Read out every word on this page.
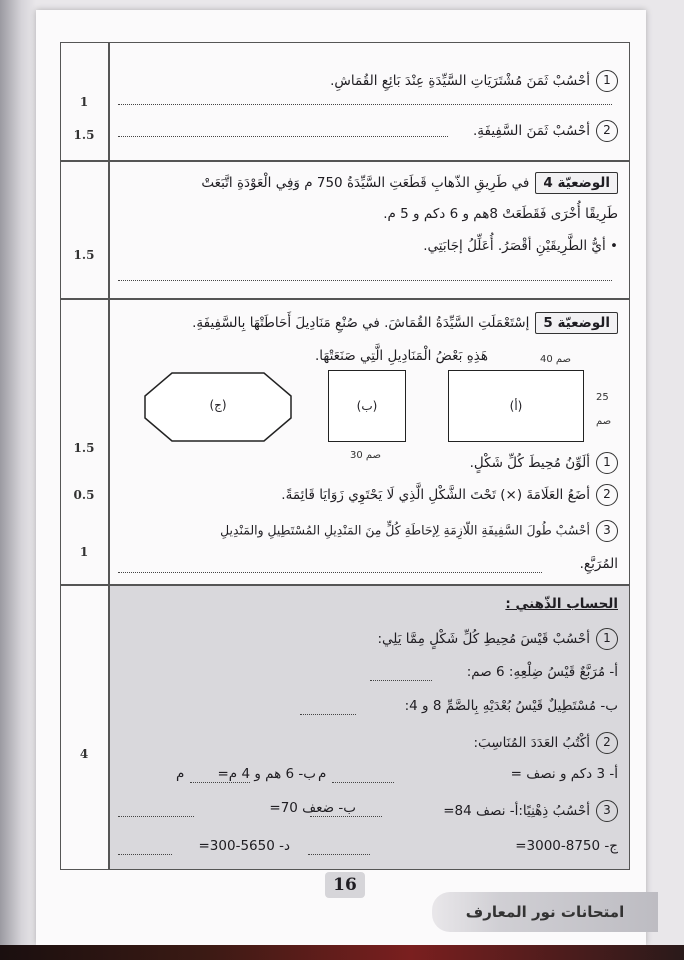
1
1.5
1.5
1.5
0.5
1
4
1أحْسُبْ ثَمَنَ مُشْتَرَيَاتِ السَّيِّدَةِ عِنْدَ بَائِعِ القُمَاشِ.
2أحْسُبْ ثَمَنَ السَّفِيفَةِ.
الوضعيّة 4في طَرِيقِ الذّهابِ قَطَعَتِ السَّيِّدَةُ 750 م وَفِي الْعَوْدَةِ اتَّبَعَتْ
طَرِيقًا أُخْرَى فَقَطَعَتْ 8هم و 6 دكم و 5 م.
• أيُّ الطَّرِيقَيْنِ أقْصَرُ. أُعَلِّلُ إجَابَتِي.
الوضعيّة 5إسْتَعْمَلَتِ السَّيِّدَةُ القُمَاشَ. في صُنْعِ مَنَادِيلَ أَحَاطَتْهَا بِالسَّفِيفَةِ.
هَذِهِ بَعْضُ الْمَنَادِيلِ الَّتِي صَنَعَتْهَا.	40 صم
25
صم
(أ)
(ب)
30 صم
(ج)
1ألَوِّنُ مُحِيطَ كُلِّ شَكْلٍ.
2أضَعُ العَلَامَةَ (×) تَحْتَ الشَّكْلِ الَّذِي لَا يَحْتَوِي زَوَايَا قَائِمَةً.
3أحْسُبْ طُولَ السَّفِيفَةِ اللّازِمَةِ لِإحَاطَةِ كُلٍّ مِنَ المَنْدِيلِ المُسْتَطِيلِ والمَنْدِيلِ
المُرَبَّعِ.
الحساب الذّهني :
1أحْسُبْ قَيْسَ مُحِيطِ كُلِّ شَكْلٍ مِمَّا يَلِي:
أ- مُرَبَّعٌ قَيْسُ ضِلْعِهِ: 6 صم:
ب- مُسْتَطِيلٌ قَيْسُ بُعْدَيْهِ بِالصَّمِّ 8 و 4:
2أكْتُبُ العَدَدَ المُنَاسِبَ:
أ- 3 دكم و نصف =
م
ب- 6 هم و 4 م=
م
3أحْسُبُ ذِهْنِيًا:أ- نصف 84=
ب- ضعف 70=
ج- 8750-3000=
د- 5650-300=
16
امتحانات نور المعارف
